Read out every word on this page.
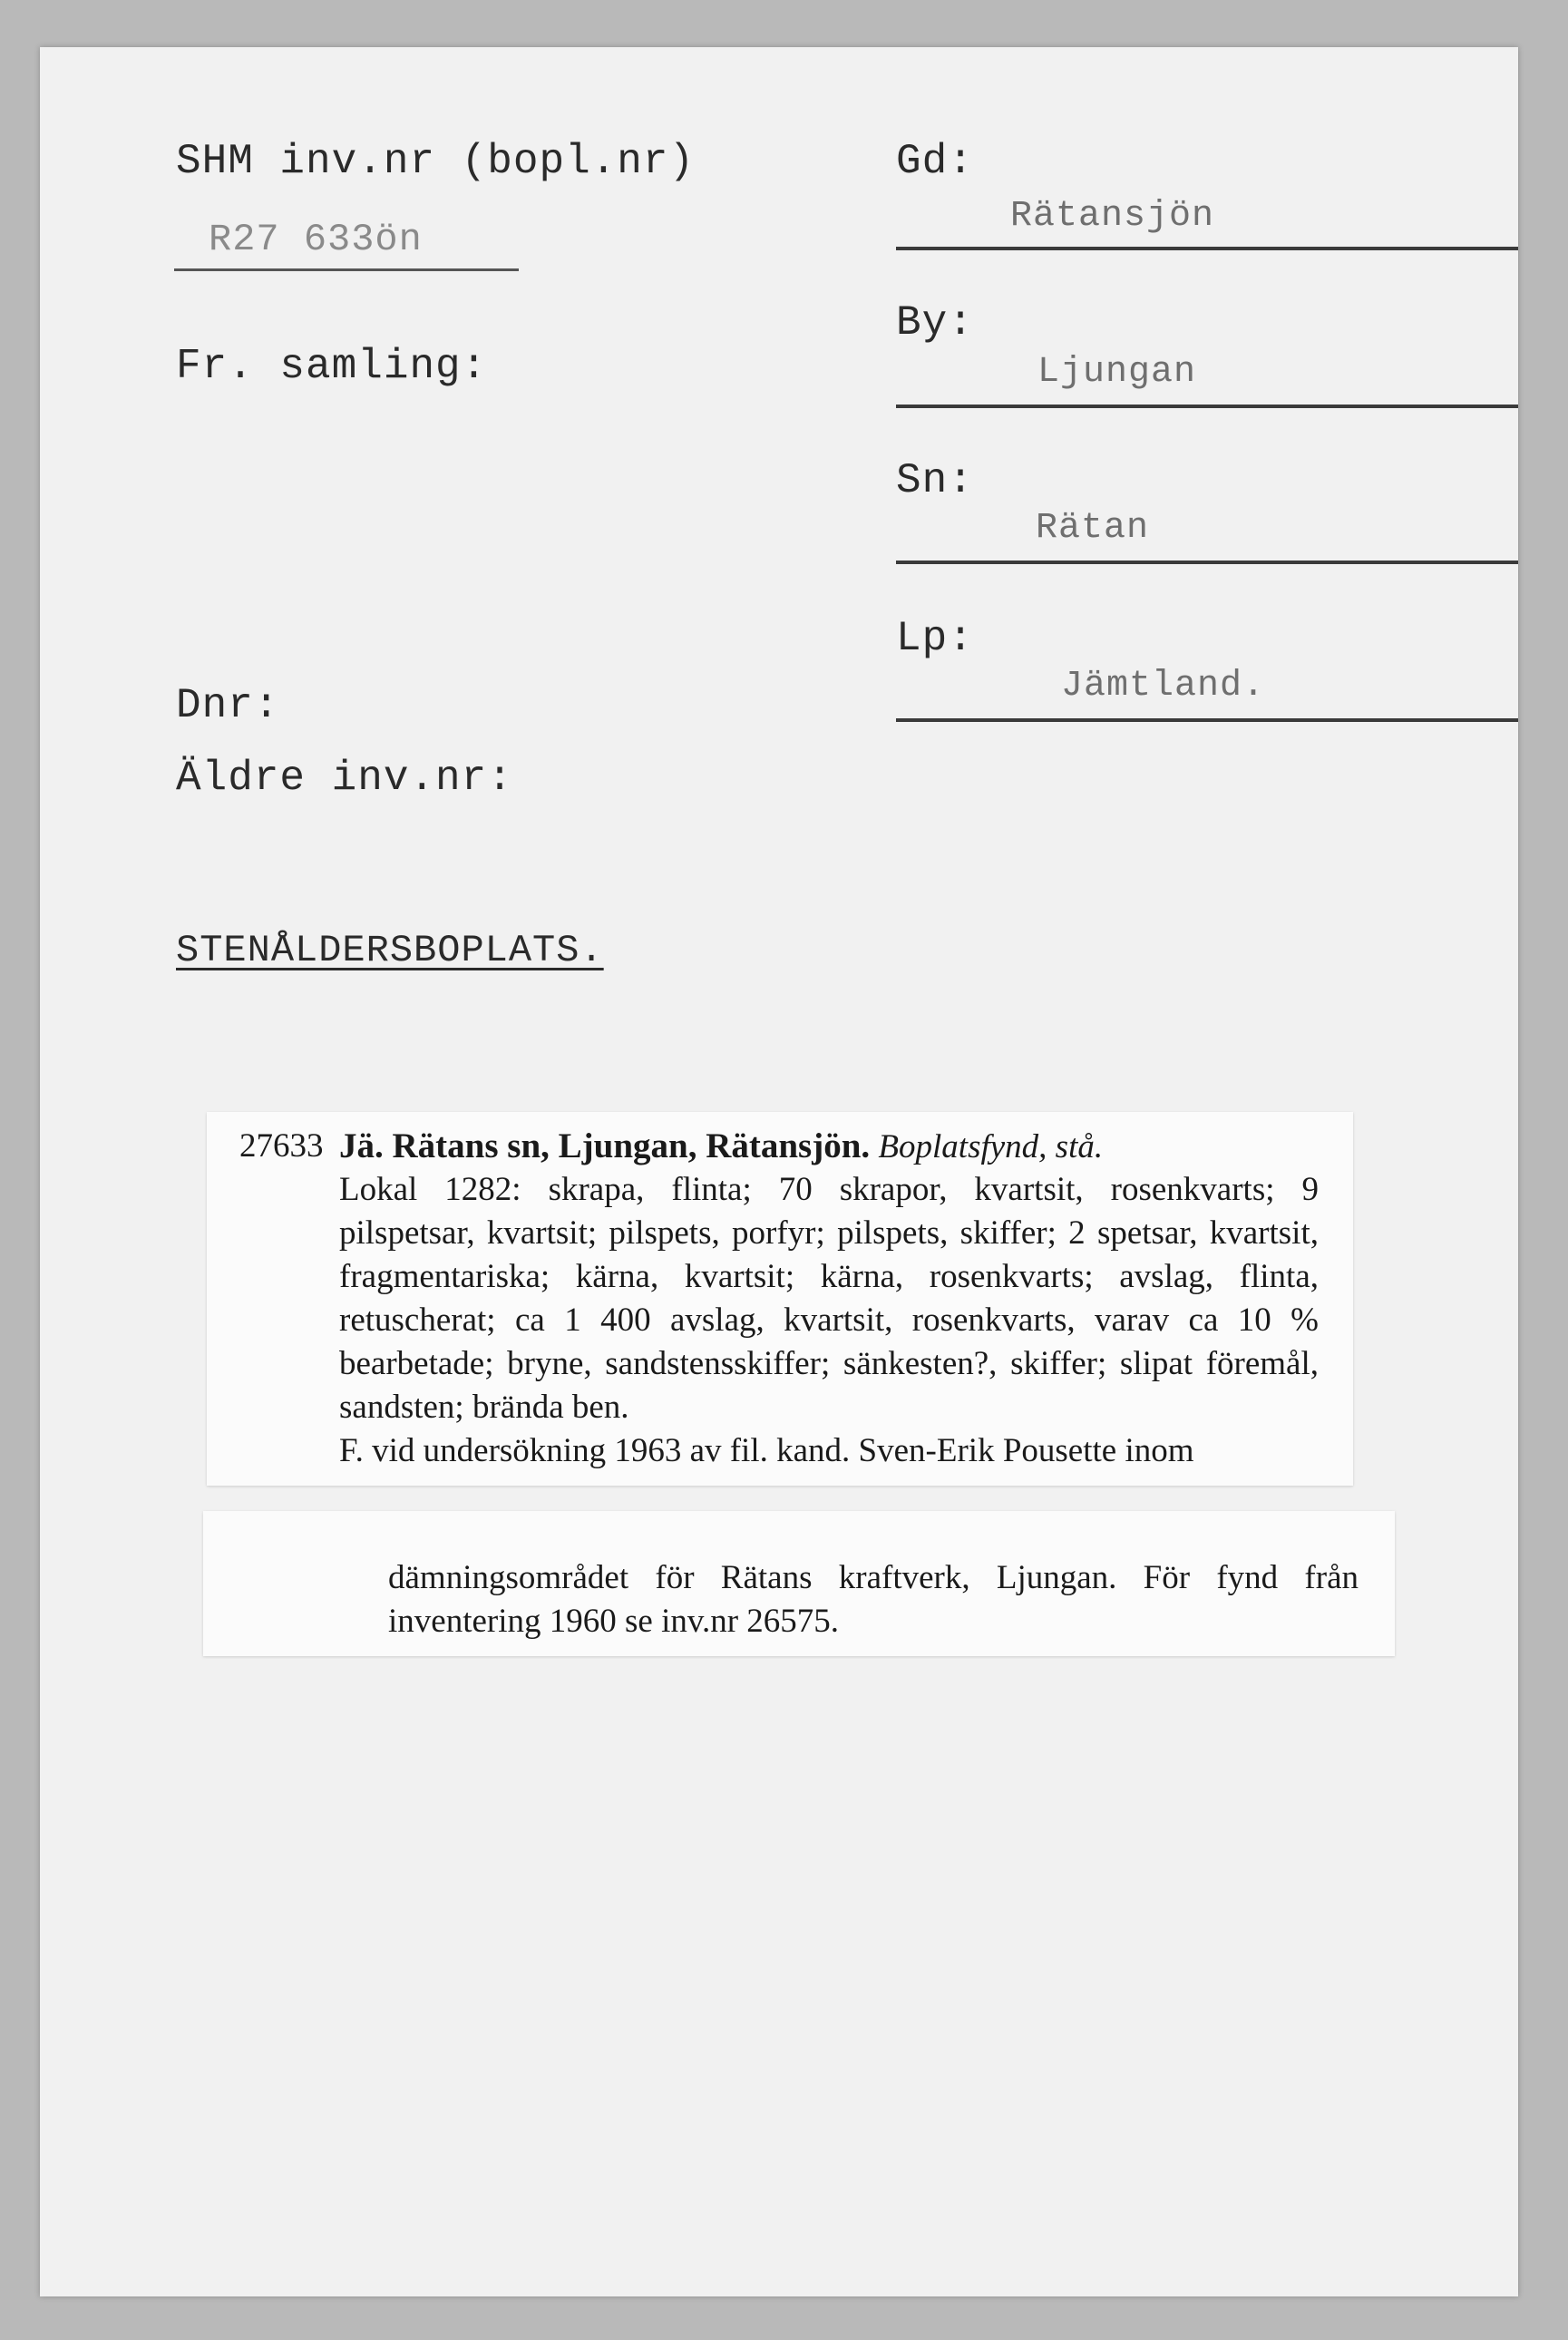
SHM inv.nr (bopl.nr)
R27 633ön
Fr. samling:
Dnr:
Äldre inv.nr:
Gd:
Rätansjön
By:
Ljungan
Sn:
Rätan
Lp:
Jämtland.
STENÅLDERSBOPLATS.
27633 Jä. Rätans sn, Ljungan, Rätansjön. Boplatsfynd, stå.
Lokal 1282: skrapa, flinta; 70 skrapor, kvartsit, rosenkvarts; 9
pilspetsar, kvartsit; pilspets, porfyr; pilspets, skiffer; 2 spetsar, kvartsit,
fragmentariska; kärna, kvartsit; kärna, rosenkvarts; avslag, flinta,
retuscherat; ca 1 400 avslag, kvartsit, rosenkvarts, varav ca 10 %
bearbetade; bryne, sandstensskiffer; sänkesten?, skiffer; slipat föremål,
sandsten; brända ben.
F. vid undersökning 1963 av fil. kand. Sven-Erik Pousette inom
dämningsområdet för Rätans kraftverk, Ljungan. För fynd från
inventering 1960 se inv.nr 26575.
